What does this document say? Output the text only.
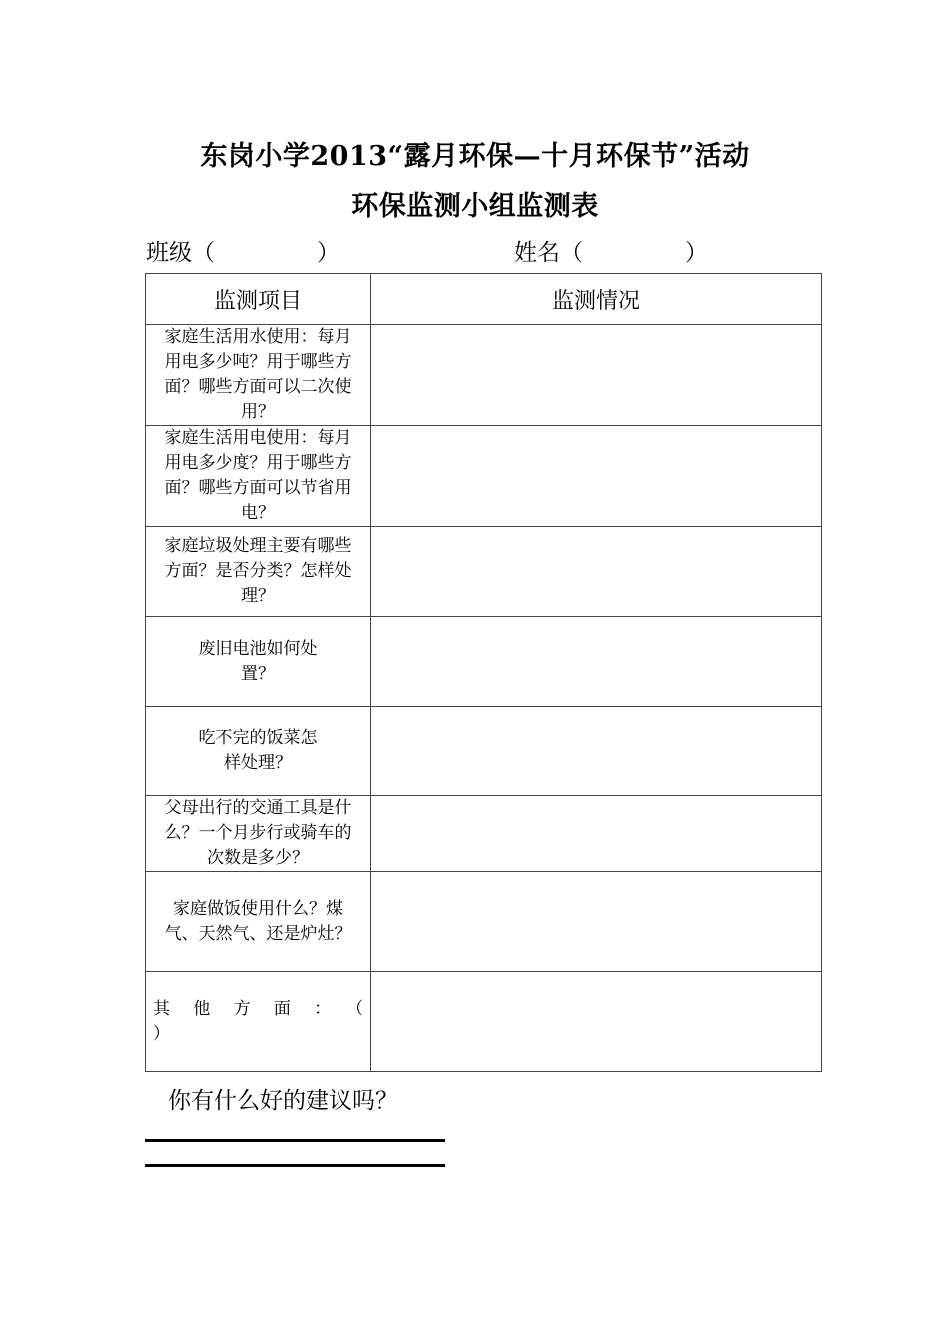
东岗小学2013“露月环保—十月环保节”活动
环保监测小组监测表
班级（	）	姓名（	）
监测项目	监测情况

家庭生活用水使用：每月用电多少吨？用于哪些方面？哪些方面可以二次使用？	

家庭生活用电使用：每月用电多少度？用于哪些方面？哪些方面可以节省用电？	

家庭垃圾处理主要有哪些方面？是否分类？怎样处理？	

废旧电池如何处置？	

吃不完的饭菜怎样处理？	

父母出行的交通工具是什么？一个月步行或骑车的次数是多少？	

家庭做饭使用什么？煤气、天然气、还是炉灶？	

其他方面：（
）	

你有什么好的建议吗？
